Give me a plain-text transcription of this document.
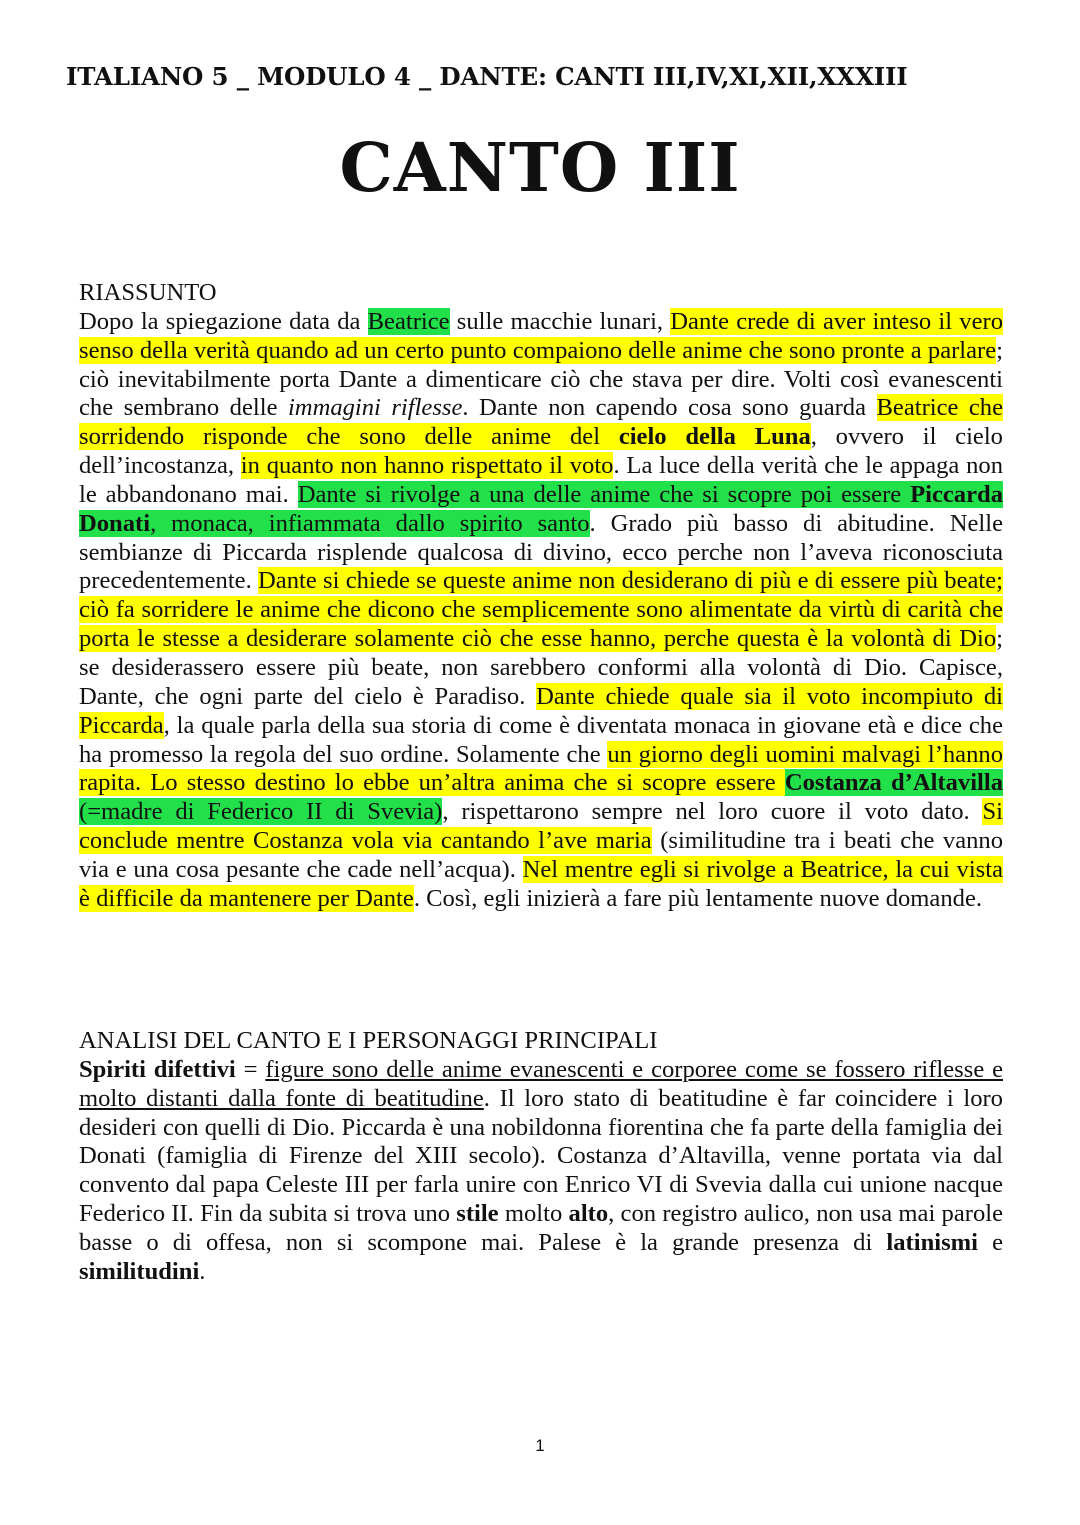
ITALIANO 5 _ MODULO 4 _ DANTE: CANTI III,IV,XI,XII,XXXIII
CANTO III
RIASSUNTO
Dopo la spiegazione data da Beatrice sulle macchie lunari, Dante crede di aver inteso il vero senso della verità quando ad un certo punto compaiono delle anime che sono pronte a parlare; ciò inevitabilmente porta Dante a dimenticare ciò che stava per dire. Volti così evanescenti che sembrano delle immagini riflesse. Dante non capendo cosa sono guarda Beatrice che sorridendo risponde che sono delle anime del cielo della Luna, ovvero il cielo dell’incostanza, in quanto non hanno rispettato il voto. La luce della verità che le appaga non le abbandonano mai. Dante si rivolge a una delle anime che si scopre poi essere Piccarda Donati, monaca, infiammata dallo spirito santo. Grado più basso di abitudine. Nelle sembianze di Piccarda risplende qualcosa di divino, ecco perche non l’aveva riconosciuta precedentemente. Dante si chiede se queste anime non desiderano di più e di essere più beate; ciò fa sorridere le anime che dicono che semplicemente sono alimentate da virtù di carità che porta le stesse a desiderare solamente ciò che esse hanno, perche questa è la volontà di Dio; se desiderassero essere più beate, non sarebbero conformi alla volontà di Dio. Capisce, Dante, che ogni parte del cielo è Paradiso. Dante chiede quale sia il voto incompiuto di Piccarda, la quale parla della sua storia di come è diventata monaca in giovane età e dice che ha promesso la regola del suo ordine. Solamente che un giorno degli uomini malvagi l’hanno rapita. Lo stesso destino lo ebbe un’altra anima che si scopre essere Costanza d’Altavilla (=madre di Federico II di Svevia), rispettarono sempre nel loro cuore il voto dato. Si conclude mentre Costanza vola via cantando l’ave maria (similitudine tra i beati che vanno via e una cosa pesante che cade nell’acqua). Nel mentre egli si rivolge a Beatrice, la cui vista è difficile da mantenere per Dante. Così, egli inizierà a fare più lentamente nuove domande.
ANALISI DEL CANTO E I PERSONAGGI PRINCIPALI
Spiriti difettivi = figure sono delle anime evanescenti e corporee come se fossero riflesse e molto distanti dalla fonte di beatitudine. Il loro stato di beatitudine è far coincidere i loro desideri con quelli di Dio. Piccarda è una nobildonna fiorentina che fa parte della famiglia dei Donati (famiglia di Firenze del XIII secolo). Costanza d’Altavilla, venne portata via dal convento dal papa Celeste III per farla unire con Enrico VI di Svevia dalla cui unione nacque Federico II. Fin da subita si trova uno stile molto alto, con registro aulico, non usa mai parole basse o di offesa, non si scompone mai. Palese è la grande presenza di latinismi e similitudini.
1
